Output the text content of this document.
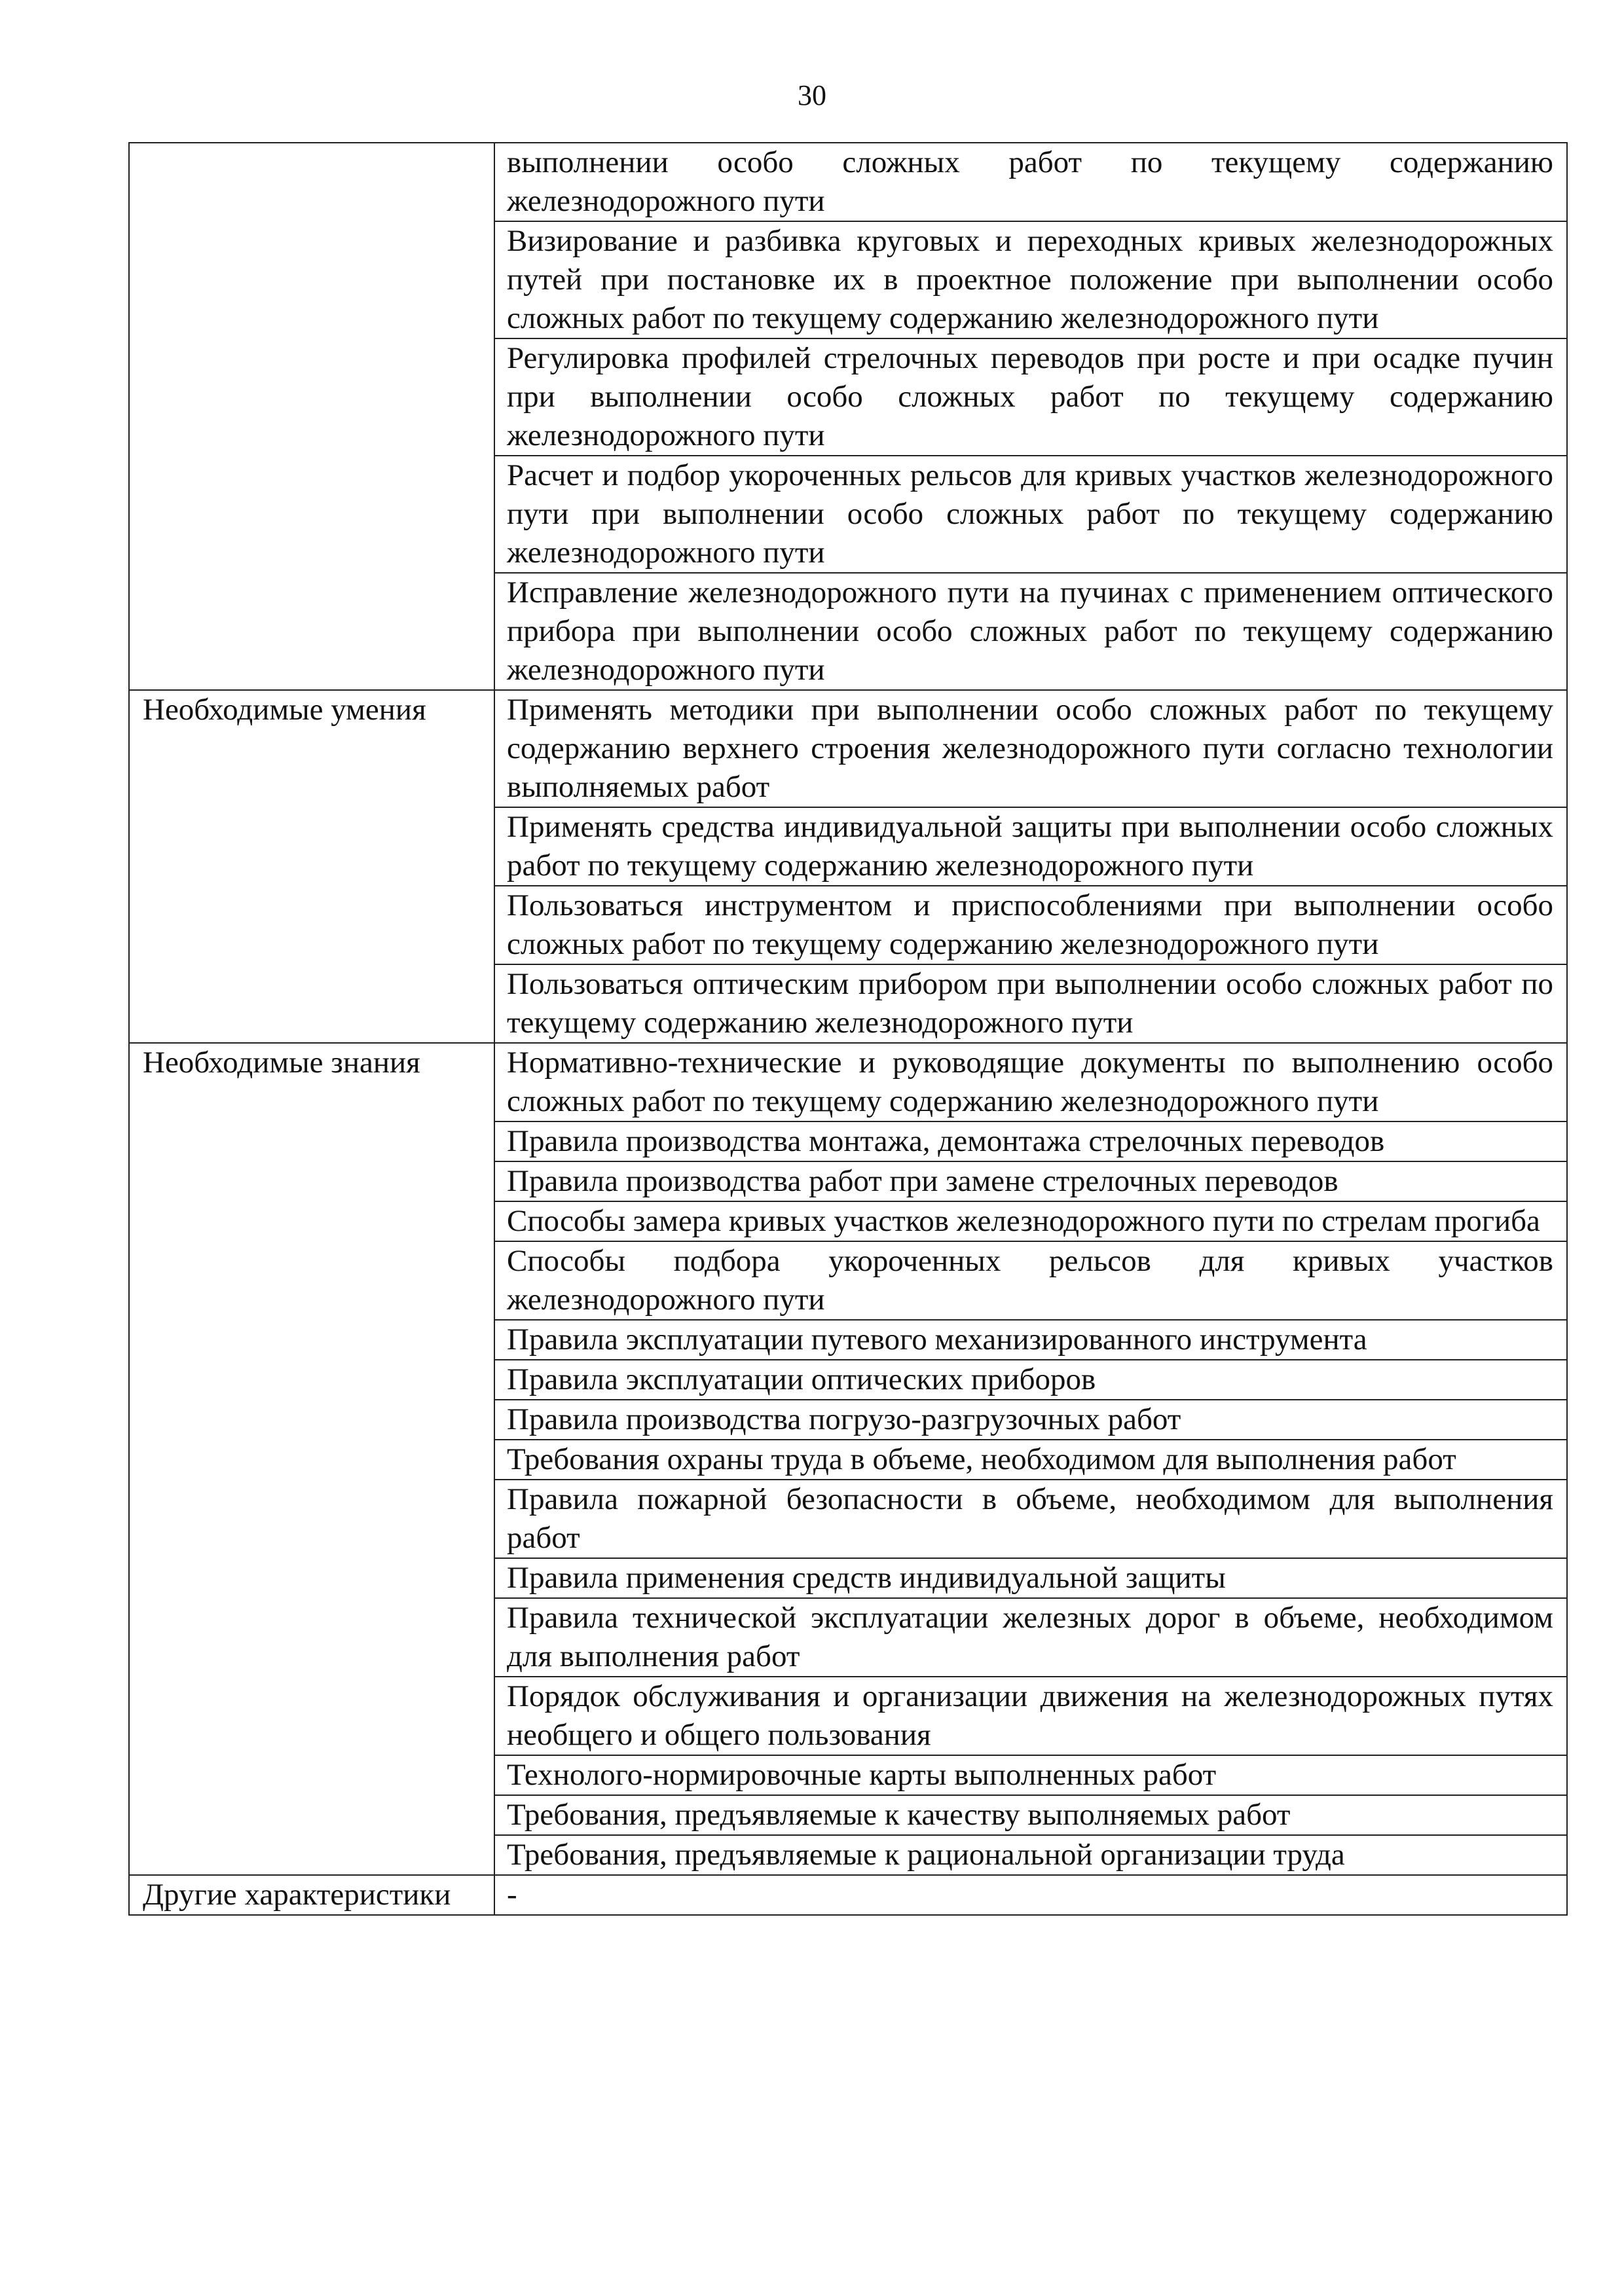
30
	выполнении особо сложных работ по текущему содержанию железнодорожного пути
	Визирование и разбивка круговых и переходных кривых железнодорожных путей при постановке их в проектное положение при выполнении особо сложных работ по текущему содержанию железнодорожного пути
	Регулировка профилей стрелочных переводов при росте и при осадке пучин при выполнении особо сложных работ по текущему содержанию железнодорожного пути
	Расчет и подбор укороченных рельсов для кривых участков железнодорожного пути при выполнении особо сложных работ по текущему содержанию железнодорожного пути
	Исправление железнодорожного пути на пучинах с применением оптического прибора при выполнении особо сложных работ по текущему содержанию железнодорожного пути
Необходимые умения	Применять методики при выполнении особо сложных работ по текущему содержанию верхнего строения железнодорожного пути согласно технологии выполняемых работ
	Применять средства индивидуальной защиты при выполнении особо сложных работ по текущему содержанию железнодорожного пути
	Пользоваться инструментом и приспособлениями при выполнении особо сложных работ по текущему содержанию железнодорожного пути
	Пользоваться оптическим прибором при выполнении особо сложных работ по текущему содержанию железнодорожного пути
Необходимые знания	Нормативно-технические и руководящие документы по выполнению особо сложных работ по текущему содержанию железнодорожного пути
	Правила производства монтажа, демонтажа стрелочных переводов
	Правила производства работ при замене стрелочных переводов
	Способы замера кривых участков железнодорожного пути по стрелам прогиба
	Способы подбора укороченных рельсов для кривых участков железнодорожного пути
	Правила эксплуатации путевого механизированного инструмента
	Правила эксплуатации оптических приборов
	Правила производства погрузо-разгрузочных работ
	Требования охраны труда в объеме, необходимом для выполнения работ
	Правила пожарной безопасности в объеме, необходимом для выполнения работ
	Правила применения средств индивидуальной защиты
	Правила технической эксплуатации железных дорог в объеме, необходимом для выполнения работ
	Порядок обслуживания и организации движения на железнодорожных путях необщего и общего пользования
	Технолого-нормировочные карты выполненных работ
	Требования, предъявляемые к качеству выполняемых работ
	Требования, предъявляемые к рациональной организации труда
Другие характеристики	-
